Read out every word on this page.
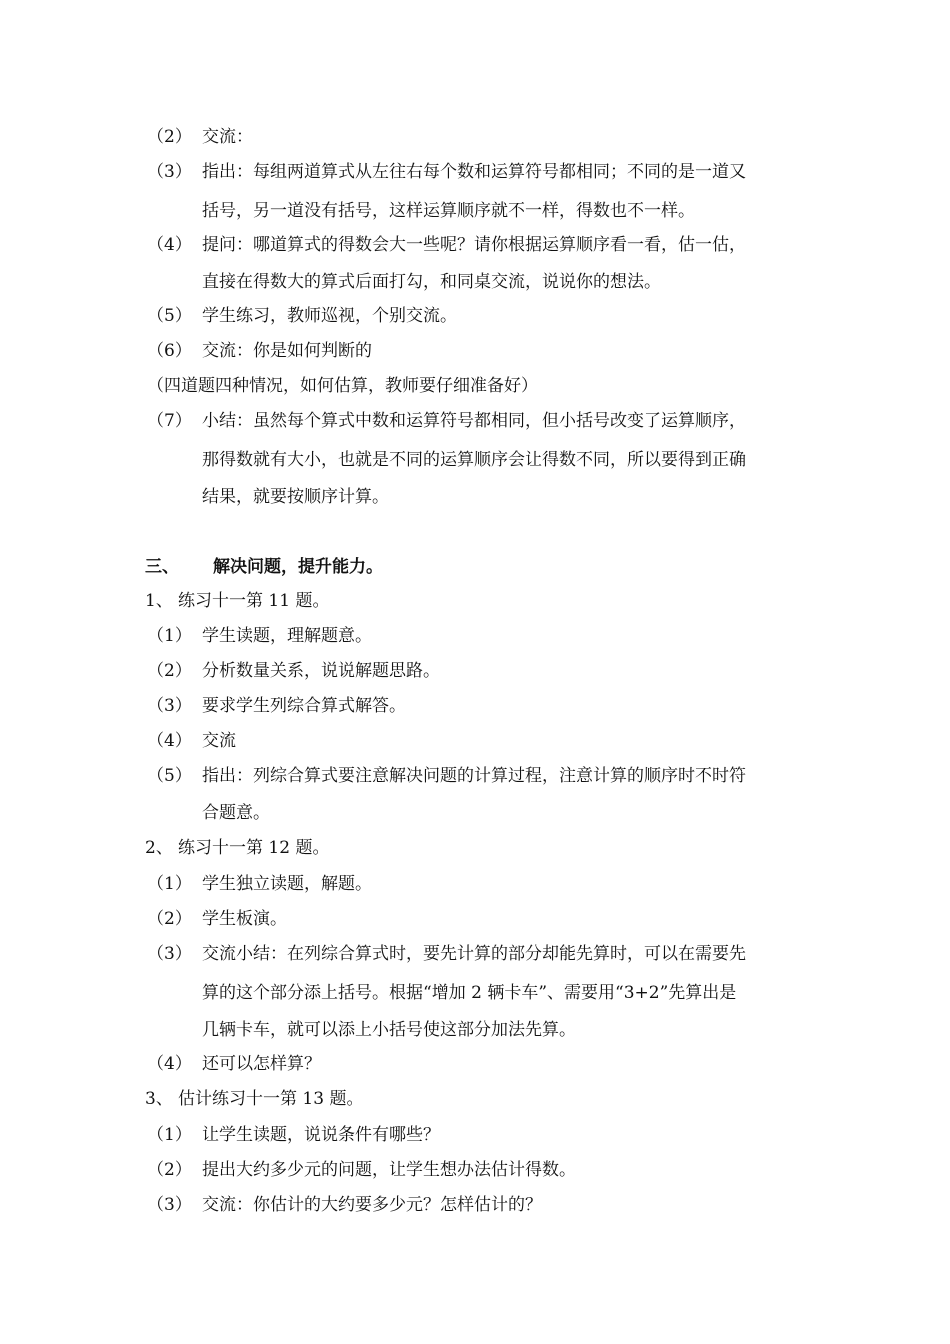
（2） 交流：
（3） 指出：每组两道算式从左往右每个数和运算符号都相同；不同的是一道又
括号，另一道没有括号，这样运算顺序就不一样，得数也不一样。
（4） 提问：哪道算式的得数会大一些呢？请你根据运算顺序看一看，估一估，
直接在得数大的算式后面打勾，和同桌交流，说说你的想法。
（5） 学生练习，教师巡视，个别交流。
（6） 交流：你是如何判断的
（四道题四种情况，如何估算，教师要仔细准备好）
（7） 小结：虽然每个算式中数和运算符号都相同，但小括号改变了运算顺序，
那得数就有大小，也就是不同的运算顺序会让得数不同，所以要得到正确
结果，就要按顺序计算。
三、 解决问题，提升能力。
1、 练习十一第 11 题。
（1） 学生读题，理解题意。
（2） 分析数量关系，说说解题思路。
（3） 要求学生列综合算式解答。
（4） 交流
（5） 指出：列综合算式要注意解决问题的计算过程，注意计算的顺序时不时符
合题意。
2、 练习十一第 12 题。
（1） 学生独立读题，解题。
（2） 学生板演。
（3） 交流小结：在列综合算式时，要先计算的部分却能先算时，可以在需要先
算的这个部分添上括号。根据“增加 2 辆卡车”、需要用“3+2”先算出是
几辆卡车，就可以添上小括号使这部分加法先算。
（4） 还可以怎样算？
3、 估计练习十一第 13 题。
（1） 让学生读题，说说条件有哪些？
（2） 提出大约多少元的问题，让学生想办法估计得数。
（3） 交流：你估计的大约要多少元？怎样估计的？
